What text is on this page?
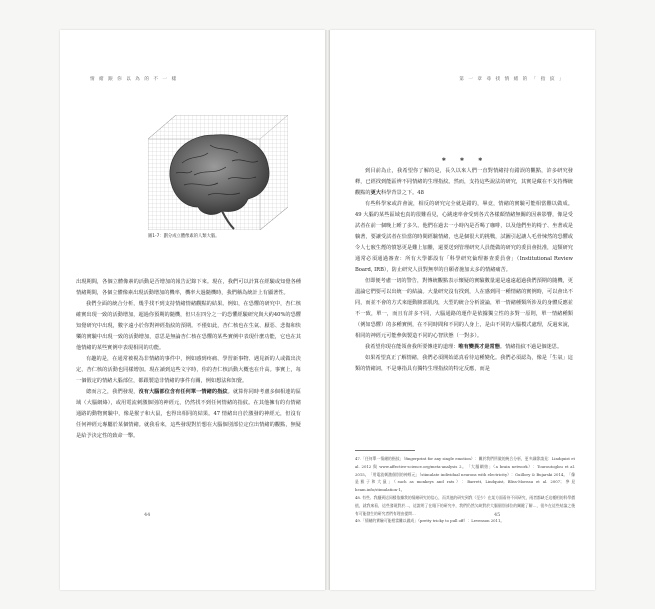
情 緒 跟 你 以 為 的 不 一 樣
圖1-7：劃分成立體像素的人類大腦。

出現期間，各個立體像素的活動是否增加的報告記錄下來。現在，我們可以計算在經驗或知覺各種情緒期間，各個立體像素出現活動增加的機率，機率大過隨機時，我們稱為統計上有顯著性。

我們全面的統合分析，幾乎找不到支持情緒情緒觀點的結果。例如，在恐懼的研究中，杏仁核確實出現一致的活動增加，超過你預期的隨機，但只在四分之一的恐懼經驗研究與大約40%的恐懼知覺研究中出現，數字遠小於你對神經指紋的預期。不僅如此，杏仁核也在生氣、厭惡、悲傷和快樂的實驗中出現一致的活動增加，意思是無論杏仁核在恐懼的某些實例中表現什麼功能，它也在其他情緒的某些實例中表現相同的功能。

有趣的是，在通常被視為非情緒的事件中，例如感到疼痛、學習新事物、遇見新的人或做出決定，杏仁核的活動也同樣增加。現在讀到這些文字時，你的杏仁核活動大概也在升高。事實上，每一個假定的情緒大腦部位，都跟製造非情緒的事件有關，例如想法和知覺。

總而言之，我們發現，沒有大腦部位含有任何單一情緒的指紋。就算你同時考慮多個相連的區域（大腦網絡），或用電流刺激個別的神經元，仍然找不到任何情緒的指紋。在其他擁有的有情緒通路的動物實驗中，像是猴子和大鼠，也得出相同的結果。47 情緒出自於激發的神經元，但沒有任何神經元專屬於某個情緒。就我看來，這些發現對於想在大腦個別部位定位出情緒的觀點，無疑是給予決定性的致命一擊。

44
第 一 章 尋 找 情 緒 的 「 指 紋 」

✱✱✱

到目前為止，我希望你了解的是，長久以來人們一直對情緒持有錯誤的觀點，許多研究發釋，已經找到能區辨不同情緒的生理指紋。然而，支持這些說法的研究，其實是藏在不支持傳統觀點的更大科學背景之下。48

有些科學家或許會說，相反的研究完全就是錯的，畢竟，情緒的實驗可能相當難以做成。49 大腦的某些區域也真的很難看見，心跳速率會受到各式各樣顏情緒無關的因素影響，像是受試者在前一個晚上睡了多久、他們在過去一小時內是否喝了咖啡，以及他們坐的椅子、坐著或是躺著，要讓受試者在恰當的時間經驗情緒，也是個很大的挑戰，試圖引起讓人毛骨悚然的恐懼或令人七竅生煙的憤怒更是難上加難，還要送到管理研究人員能做的研究的委員會批准，這類研究通常必須通過審查：所有大學都設有「科學研究倫理審查委員會」（Institutional Review Board, IRB），防止研究人員對無辜的自願者施加太多的情緒痛苦。

但即便考慮一切的警告，對傳統觀點表示懷疑的實驗數量還是遠遠超過我們預期的隨機，更溫論它們要可以出統一的結論。大量研究沒有找到，人在感到同一種情緒的實例時，可以會出不同，而並不會的方式來運動臉部肌肉，大型的統合分析證論，單一情緒種類所涉及的身體反應並不一致，單一，而且有許多不同，大腦通路的運作是依據獨立性的多對一原則，單一情緒種類（例如恐懼）的多種實例，在不同時間和不同的人身上，是由不同的大腦模式處理，反過來說，相同的神經元可能參與製造不同的心智狀態（一對多）。

我希望你現在能領會我所要傳達的道理：唯有變異才是常態。情緒指紋不過是個迷思。

如果希望真正了解情緒，我們必須開始認真看待這種變化。我們必須認為，像是「生氣」這類的情緒詞，不是專指具有獨特生理指紋的特定反應，而是

47.「任何單一情緒的指紋」（fingerprint for any single emotion）：關於我們所做的統合分析，更多細節請見：Lindquist et al. 2012 與 www.affective-science.org/meta-analysis 2。「大腦網絡」（a brain network）：Touroutoglou et al. 2015。「用電流刺激個別的神經元」（stimulate individual neurons with electricity）：Guillory & Bujarski 2014。「像是猴子和大鼠」（such as monkeys and rats）：Barrett, Lindquist, Bliss-Moreau et al. 2007；參見 heam.info/stimulation-1。

48. 有些、我翻到這同樣依據我的情緒研究的信心，而其他的研究到我（至少）在某方面看待不同研究，兩者都缺乏這種相的科學價值，就我來看，這些發現對於…，這說明了在眼下的研究中，我們仍然欠缺對於大腦個別部位的關鍵了解…，很多在這些結論之後有可能發生的研究者們有理由提問…

49.「情緒的實驗可能相當難以做成」（pretty tricky to pull off）：Levenson 2011。

45
